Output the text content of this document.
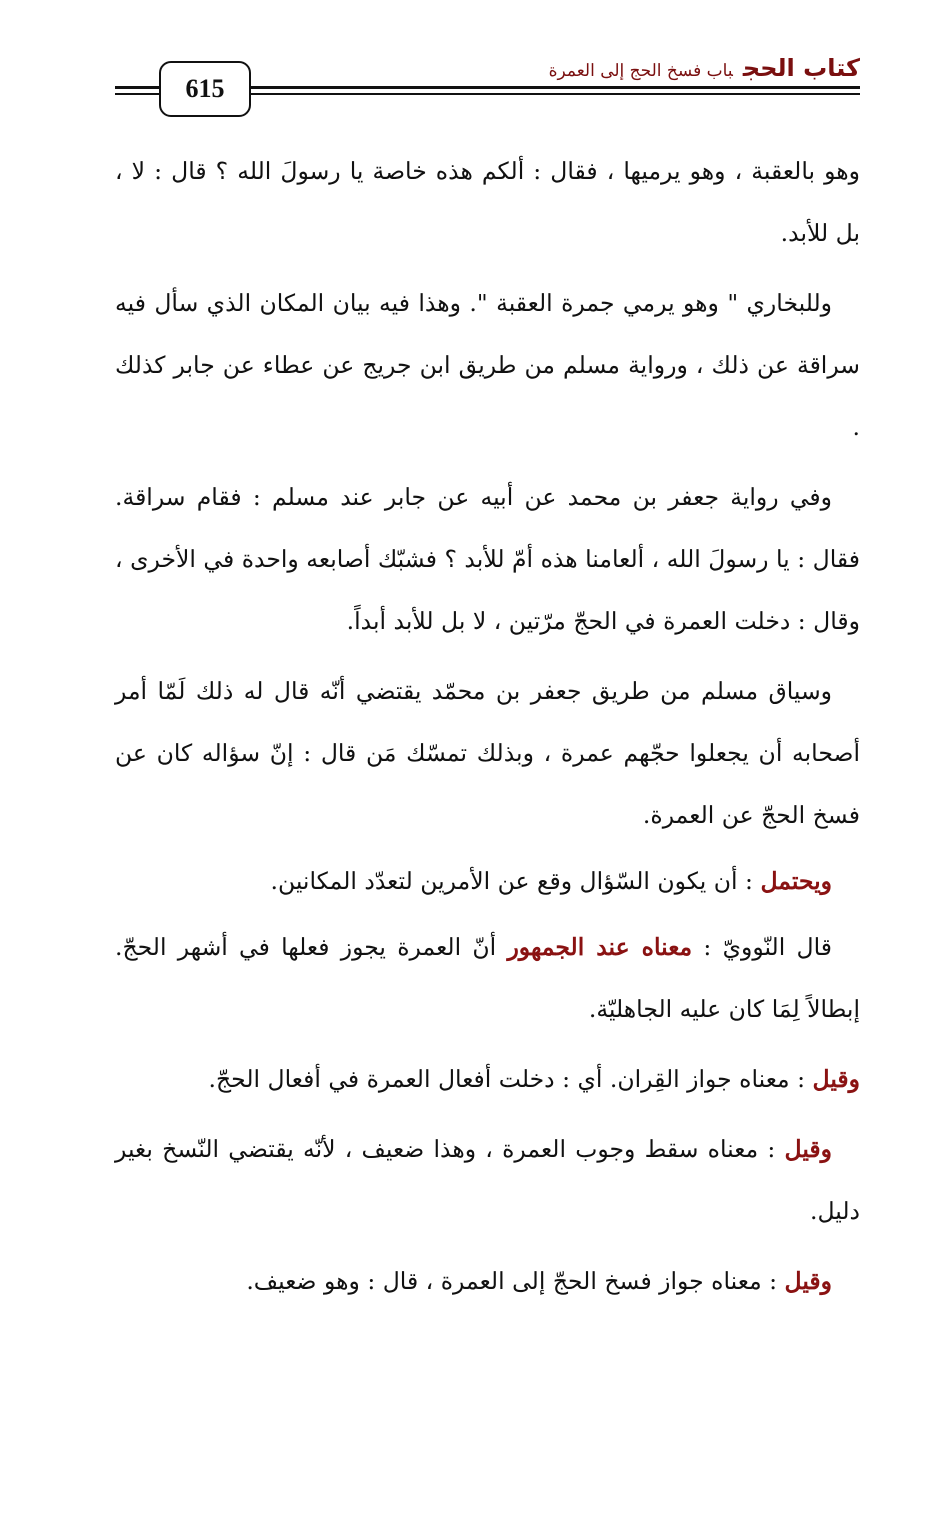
كتاب الحجباب فسخ الحج إلى العمرة
615

وهو بالعقبة ، وهو يرميها ، فقال : ألكم هذه خاصة يا رسولَ الله ؟ قال : لا ، بل للأبد.

وللبخاري " وهو يرمي جمرة العقبة ". وهذا فيه بيان المكان الذي سأل فيه سراقة عن ذلك ، ورواية مسلم من طريق ابن جريج عن عطاء عن جابر كذلك .

وفي رواية جعفر بن محمد عن أبيه عن جابر عند مسلم : فقام سراقة. فقال : يا رسولَ الله ، ألعامنا هذه أمّ للأبد ؟ فشبّك أصابعه واحدة في الأخرى ، وقال : دخلت العمرة في الحجّ مرّتين ، لا بل للأبد أبداً.

وسياق مسلم من طريق جعفر بن محمّد يقتضي أنّه قال له ذلك لَمّا أمر أصحابه أن يجعلوا حجّهم عمرة ، وبذلك تمسّك مَن قال : إنّ سؤاله كان عن فسخ الحجّ عن العمرة.

ويحتمل : أن يكون السّؤال وقع عن الأمرين لتعدّد المكانين.

قال النّوويّ : معناه عند الجمهور أنّ العمرة يجوز فعلها في أشهر الحجّ. إبطالاً لِمَا كان عليه الجاهليّة.

وقيل : معناه جواز القِران. أي : دخلت أفعال العمرة في أفعال الحجّ.

وقيل : معناه سقط وجوب العمرة ، وهذا ضعيف ، لأنّه يقتضي النّسخ بغير دليل.

وقيل : معناه جواز فسخ الحجّ إلى العمرة ، قال : وهو ضعيف.
